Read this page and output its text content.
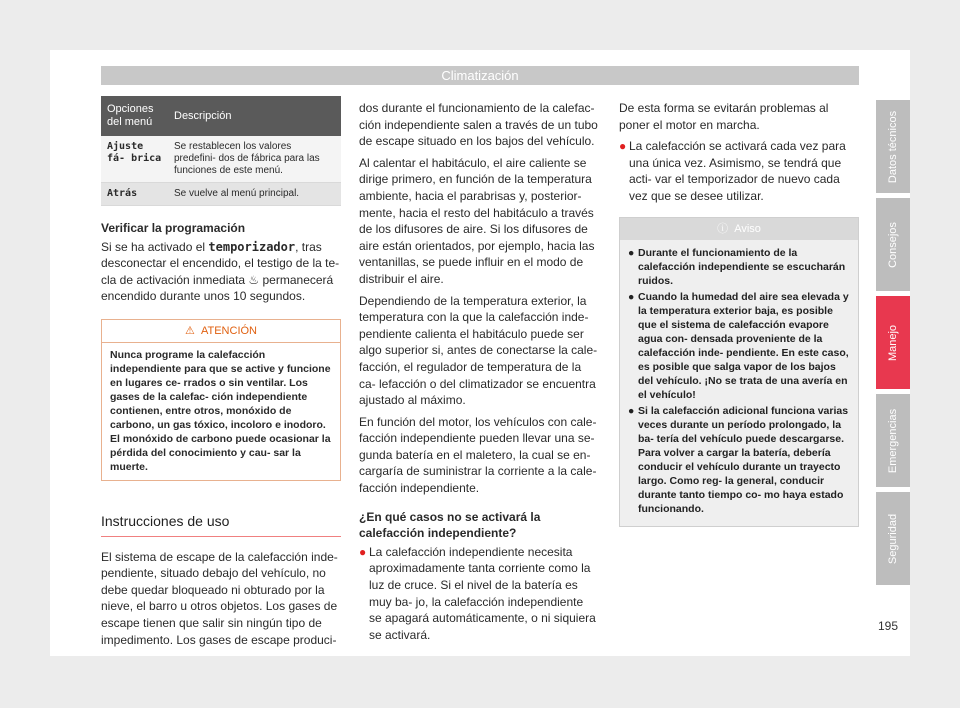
Climatización
Opciones del menú	Descripción
Ajuste fá- brica	Se restablecen los valores predefini- dos de fábrica para las funciones de este menú.
Atrás	Se vuelve al menú principal.
Verificar la programación

Si se ha activado el temporizador, tras desconectar el encendido, el testigo de la te- cla de activación inmediata ♨ permanecerá encendido durante unos 10 segundos.

⚠ ATENCIÓN
Nunca programe la calefacción independiente para que se active y funcione en lugares ce- rrados o sin ventilar. Los gases de la calefac- ción independiente contienen, entre otros, monóxido de carbono, un gas tóxico, incoloro e inodoro. El monóxido de carbono puede ocasionar la pérdida del conocimiento y cau- sar la muerte.
Instrucciones de uso

El sistema de escape de la calefacción inde- pendiente, situado debajo del vehículo, no debe quedar bloqueado ni obturado por la nieve, el barro u otros objetos. Los gases de escape tienen que salir sin ningún tipo de impedimento. Los gases de escape produci-

dos durante el funcionamiento de la calefac- ción independiente salen a través de un tubo de escape situado en los bajos del vehículo.

Al calentar el habitáculo, el aire caliente se dirige primero, en función de la temperatura ambiente, hacia el parabrisas y, posterior- mente, hacia el resto del habitáculo a través de los difusores de aire. Si los difusores de aire están orientados, por ejemplo, hacia las ventanillas, se puede influir en el modo de distribuir el aire.

Dependiendo de la temperatura exterior, la temperatura con la que la calefacción inde- pendiente calienta el habitáculo puede ser algo superior si, antes de conectarse la cale- facción, el regulador de temperatura de la ca- lefacción o del climatizador se encuentra ajustado al máximo.

En función del motor, los vehículos con cale- facción independiente pueden llevar una se- gunda batería en el maletero, la cual se en- cargaría de suministrar la corriente a la cale- facción independiente.

¿En qué casos no se activará la calefacción independiente?
● La calefacción independiente necesita aproximadamente tanta corriente como la luz de cruce. Si el nivel de la batería es muy ba- jo, la calefacción independiente se apagará automáticamente, o ni siquiera se activará.

De esta forma se evitarán problemas al poner el motor en marcha.

● La calefacción se activará cada vez para una única vez. Asimismo, se tendrá que acti- var el temporizador de nuevo cada vez que se desee utilizar.
ⓘ Aviso
● Durante el funcionamiento de la calefacción independiente se escucharán ruidos.
● Cuando la humedad del aire sea elevada y la temperatura exterior baja, es posible que el sistema de calefacción evapore agua con- densada proveniente de la calefacción inde- pendiente. En este caso, es posible que salga vapor de los bajos del vehículo. ¡No se trata de una avería en el vehículo!
● Si la calefacción adicional funciona varias veces durante un período prolongado, la ba- tería del vehículo puede descargarse. Para volver a cargar la batería, debería conducir el vehículo durante un trayecto largo. Como reg- la general, conducir durante tanto tiempo co- mo haya estado funcionando.
Datos técnicos
Consejos
Manejo
Emergencias
Seguridad
195
